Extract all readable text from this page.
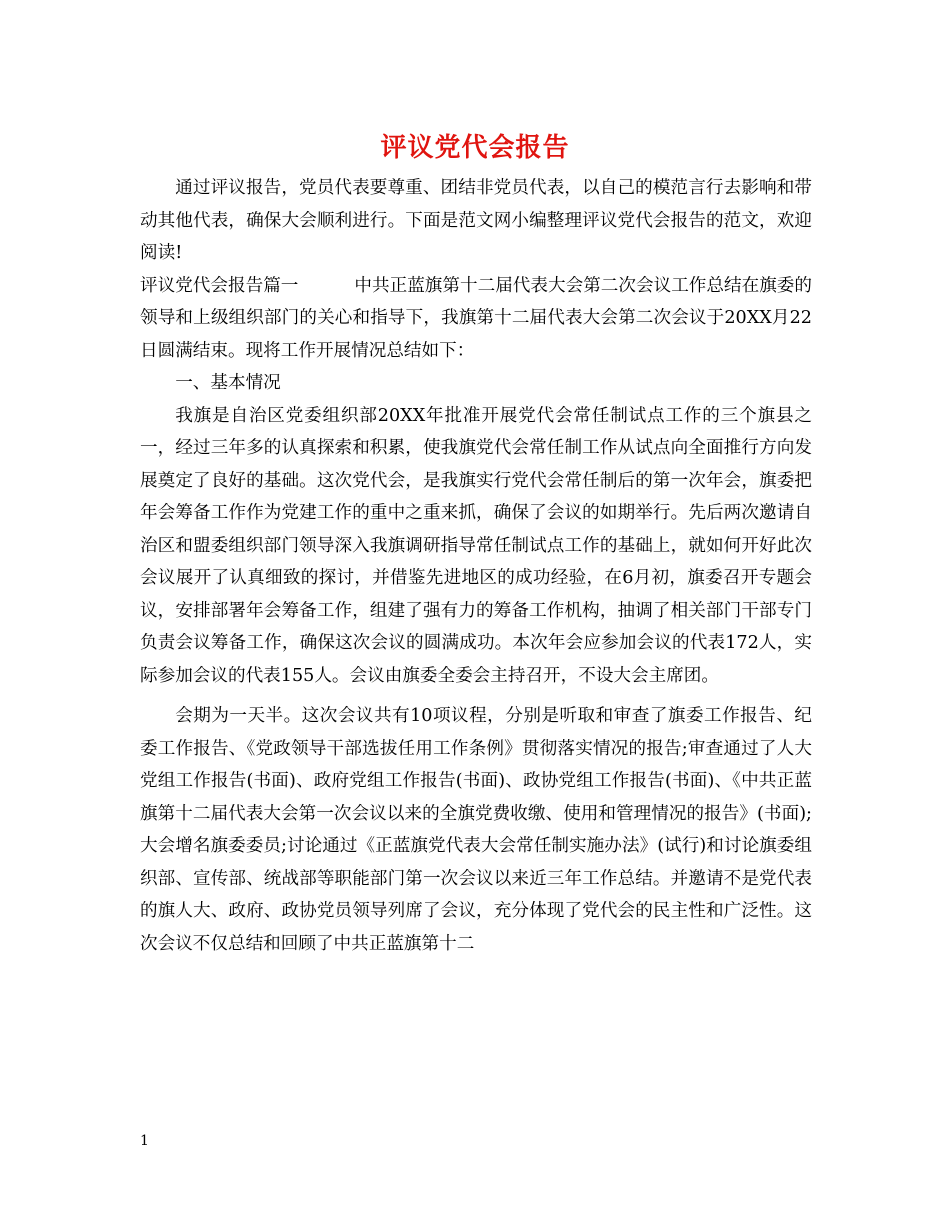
评议党代会报告

通过评议报告，党员代表要尊重、团结非党员代表，以自己的模范言行去影响和带动其他代表，确保大会顺利进行。下面是范文网小编整理评议党代会报告的范文，欢迎阅读!

评议党代会报告篇一	中共正蓝旗第十二届代表大会第二次会议工作总结在旗委的领导和上级组织部门的关心和指导下，我旗第十二届代表大会第二次会议于20XX月22日圆满结束。现将工作开展情况总结如下：

一、基本情况

我旗是自治区党委组织部20XX年批准开展党代会常任制试点工作的三个旗县之一，经过三年多的认真探索和积累，使我旗党代会常任制工作从试点向全面推行方向发展奠定了良好的基础。这次党代会，是我旗实行党代会常任制后的第一次年会，旗委把年会筹备工作作为党建工作的重中之重来抓，确保了会议的如期举行。先后两次邀请自治区和盟委组织部门领导深入我旗调研指导常任制试点工作的基础上，就如何开好此次会议展开了认真细致的探讨，并借鉴先进地区的成功经验，在6月初，旗委召开专题会议，安排部署年会筹备工作，组建了强有力的筹备工作机构，抽调了相关部门干部专门负责会议筹备工作，确保这次会议的圆满成功。本次年会应参加会议的代表172人，实际参加会议的代表155人。会议由旗委全委会主持召开，不设大会主席团。

会期为一天半。这次会议共有10项议程，分别是听取和审查了旗委工作报告、纪委工作报告、《党政领导干部选拔任用工作条例》贯彻落实情况的报告;审查通过了人大党组工作报告(书面)、政府党组工作报告(书面)、政协党组工作报告(书面)、《中共正蓝旗第十二届代表大会第一次会议以来的全旗党费收缴、使用和管理情况的报告》(书面);大会增名旗委委员;讨论通过《正蓝旗党代表大会常任制实施办法》(试行)和讨论旗委组织部、宣传部、统战部等职能部门第一次会议以来近三年工作总结。并邀请不是党代表的旗人大、政府、政协党员领导列席了会议，充分体现了党代会的民主性和广泛性。这次会议不仅总结和回顾了中共正蓝旗第十二

1
